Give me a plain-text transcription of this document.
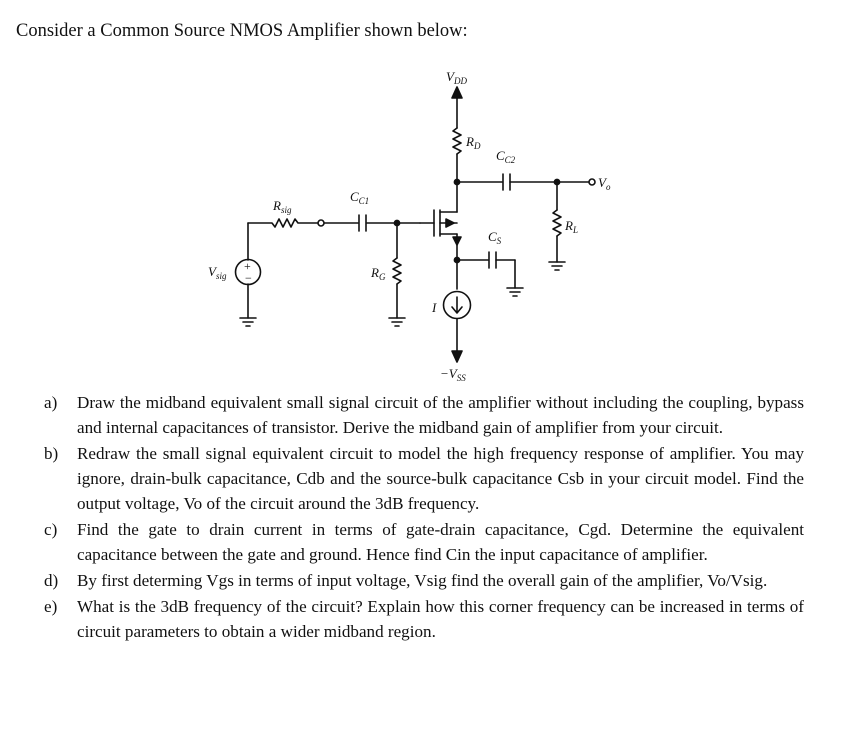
Consider a Common Source NMOS Amplifier shown below:
$V_{DD}$
$R_D$
$C_{C2}$
$V_o$
$R_{sig}$
$C_{C1}$
$C_S$
$R_L$
$V_{sig}$	$R_G$
I
$-V_{SS}$
+
−
a)	Draw the midband equivalent small signal circuit of the amplifier without including the coupling, bypass and internal capacitances of transistor. Derive the midband gain of amplifier from your circuit.
b)	Redraw the small signal equivalent circuit to model the high frequency response of amplifier. You may ignore, drain-bulk capacitance, Cdb and the source-bulk capacitance Csb in your circuit model. Find the output voltage, Vo of the circuit around the 3dB frequency.
c)	Find the gate to drain current in terms of gate-drain capacitance, Cgd. Determine the equivalent capacitance between the gate and ground. Hence find Cin the input capacitance of amplifier.
d)	By first determing Vgs in terms of input voltage, Vsig find the overall gain of the amplifier, Vo/Vsig.
e)	What is the 3dB frequency of the circuit? Explain how this corner frequency can be increased in terms of circuit parameters to obtain a wider midband region.
